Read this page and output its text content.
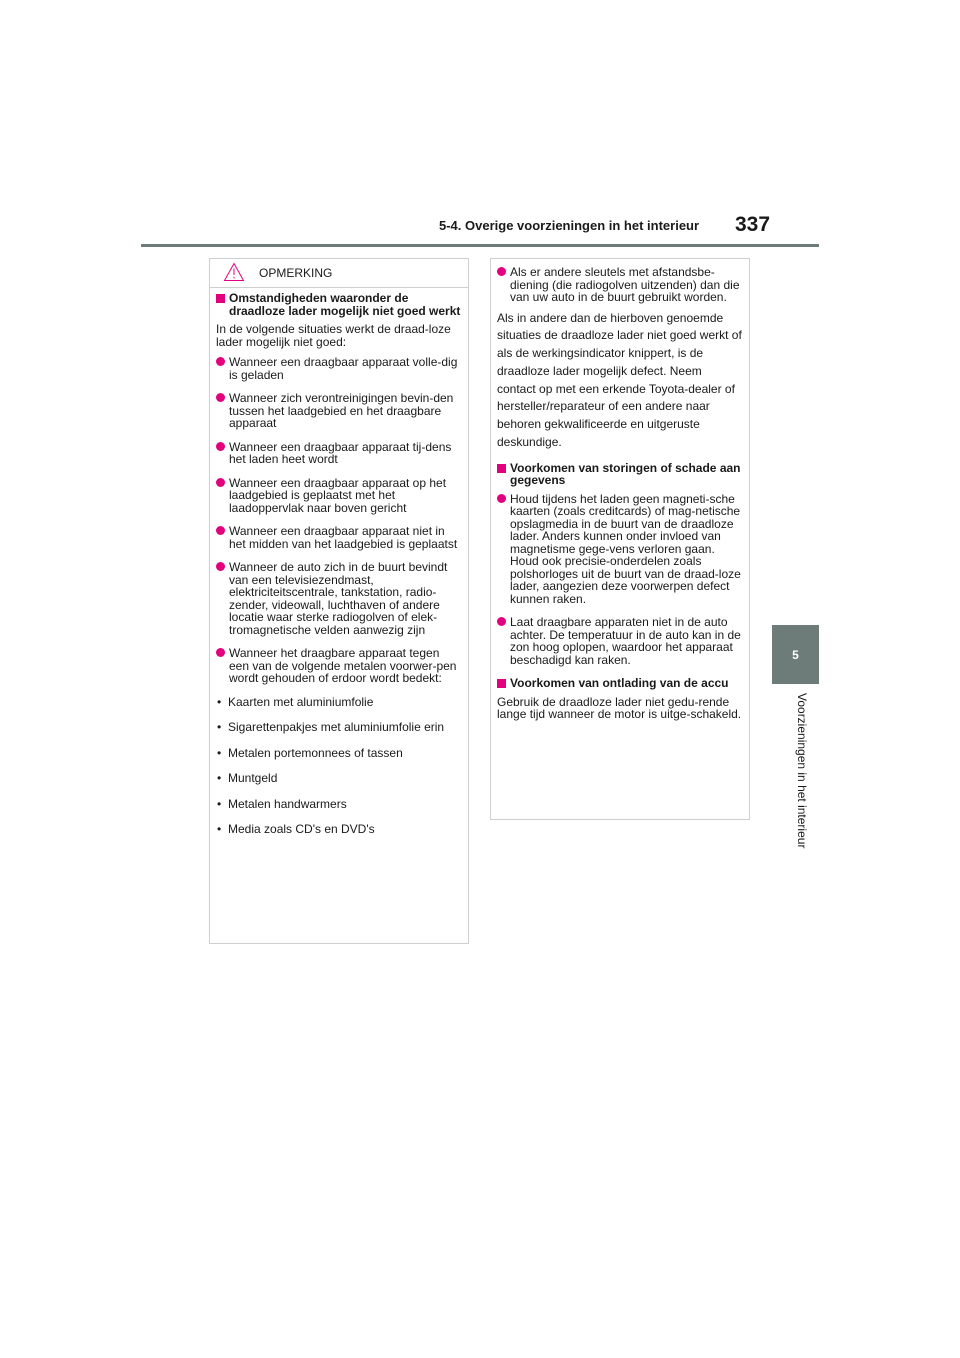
5-4. Overige voorzieningen in het interieur 337
5
Voorzieningen in het interieur
OPMERKING
Omstandigheden waaronder de draadloze lader mogelijk niet goed werkt
In de volgende situaties werkt de draad-loze lader mogelijk niet goed:
Wanneer een draagbaar apparaat volle-dig is geladen
Wanneer zich verontreinigingen bevin-den tussen het laadgebied en het draagbare apparaat
Wanneer een draagbaar apparaat tij-dens het laden heet wordt
Wanneer een draagbaar apparaat op het laadgebied is geplaatst met het laadoppervlak naar boven gericht
Wanneer een draagbaar apparaat niet in het midden van het laadgebied is geplaatst
Wanneer de auto zich in de buurt bevindt van een televisiezendmast, elektriciteitscentrale, tankstation, radio-zender, videowall, luchthaven of andere locatie waar sterke radiogolven of elek-tromagnetische velden aanwezig zijn
Wanneer het draagbare apparaat tegen een van de volgende metalen voorwer-pen wordt gehouden of erdoor wordt bedekt:
• Kaarten met aluminiumfolie
• Sigarettenpakjes met aluminiumfolie erin
• Metalen portemonnees of tassen
• Muntgeld
• Metalen handwarmers
• Media zoals CD's en DVD's
Als er andere sleutels met afstandsbe-diening (die radiogolven uitzenden) dan die van uw auto in de buurt gebruikt worden.
Als in andere dan de hierboven genoemde situaties de draadloze lader niet goed werkt of als de werkingsindicator knippert, is de draadloze lader mogelijk defect. Neem contact op met een erkende Toyota-dealer of hersteller/reparateur of een andere naar behoren gekwalificeerde en uitgeruste deskundige.
Voorkomen van storingen of schade aan gegevens
Houd tijdens het laden geen magneti-sche kaarten (zoals creditcards) of mag-netische opslagmedia in de buurt van de draadloze lader. Anders kunnen onder invloed van magnetisme gege-vens verloren gaan.
Houd ook precisie-onderdelen zoals polshorloges uit de buurt van de draad-loze lader, aangezien deze voorwerpen defect kunnen raken.
Laat draagbare apparaten niet in de auto achter. De temperatuur in de auto kan in de zon hoog oplopen, waardoor het apparaat beschadigd kan raken.
Voorkomen van ontlading van de accu
Gebruik de draadloze lader niet gedu-rende lange tijd wanneer de motor is uitge-schakeld.
